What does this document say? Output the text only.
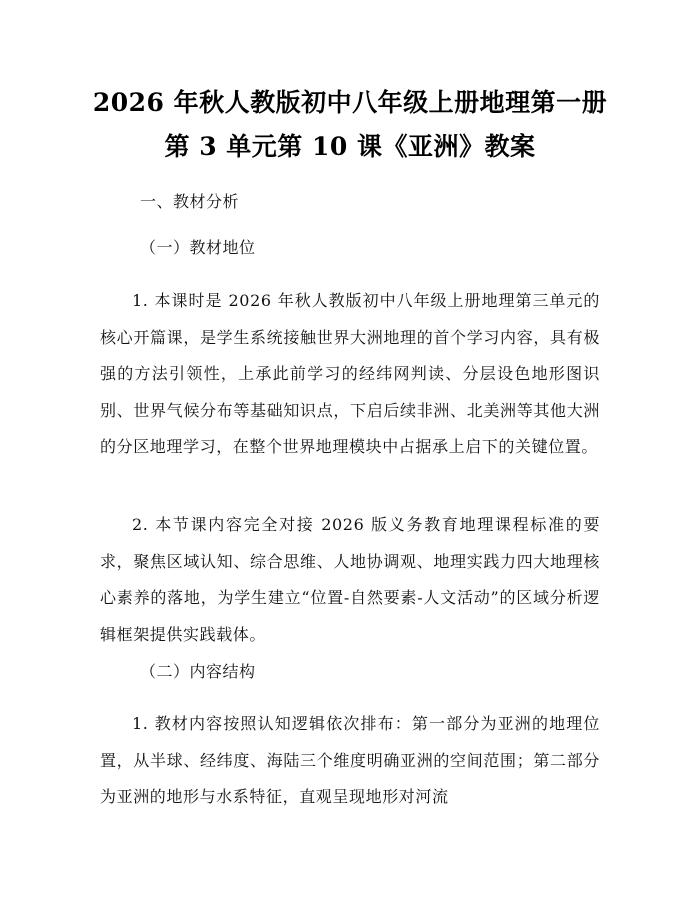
2026 年秋人教版初中八年级上册地理第一册
第 3 单元第 10 课《亚洲》教案
一、教材分析
（一）教材地位

1. 本课时是 2026 年秋人教版初中八年级上册地理第三单元的核心开篇课，是学生系统接触世界大洲地理的首个学习内容，具有极强的方法引领性，上承此前学习的经纬网判读、分层设色地形图识别、世界气候分布等基础知识点，下启后续非洲、北美洲等其他大洲的分区地理学习，在整个世界地理模块中占据承上启下的关键位置。

2. 本节课内容完全对接 2026 版义务教育地理课程标准的要求，聚焦区域认知、综合思维、人地协调观、地理实践力四大地理核心素养的落地，为学生建立“位置-自然要素-人文活动”的区域分析逻辑框架提供实践载体。

（二）内容结构

1. 教材内容按照认知逻辑依次排布：第一部分为亚洲的地理位置，从半球、经纬度、海陆三个维度明确亚洲的空间范围；第二部分为亚洲的地形与水系特征，直观呈现地形对河流
